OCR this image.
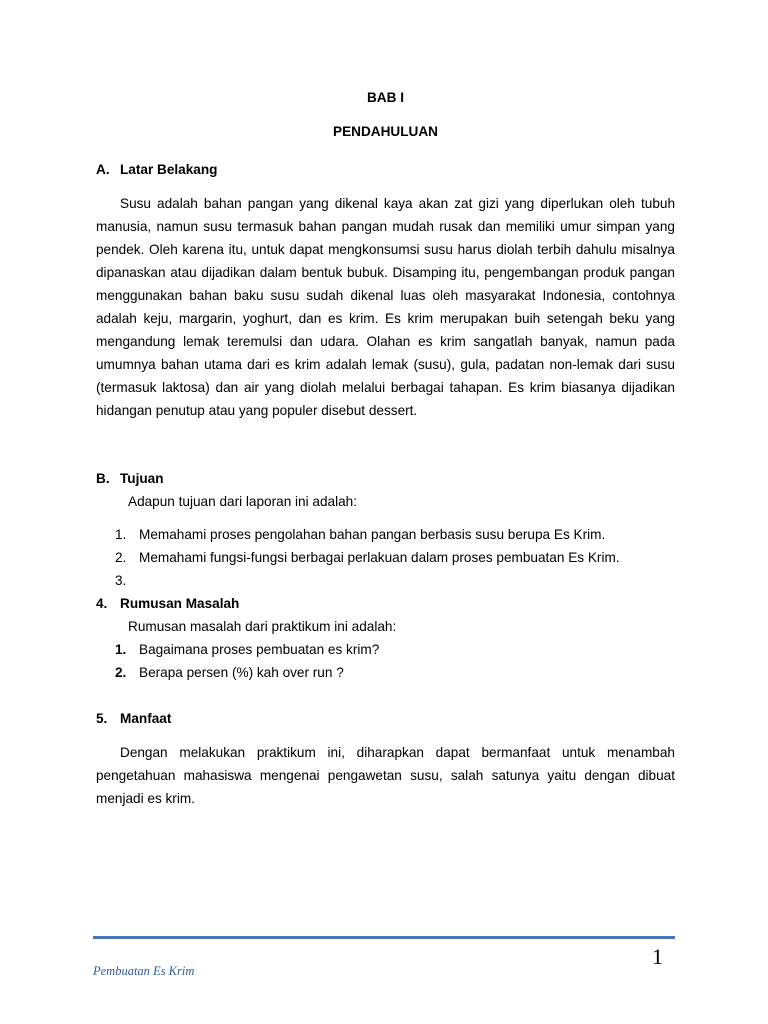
BAB I

PENDAHULUAN

A. Latar Belakang

Susu adalah bahan pangan yang dikenal kaya akan zat gizi yang diperlukan oleh tubuh manusia, namun susu termasuk bahan pangan mudah rusak dan memiliki umur simpan yang pendek. Oleh karena itu, untuk dapat mengkonsumsi susu harus diolah terbih dahulu misalnya dipanaskan atau dijadikan dalam bentuk bubuk. Disamping itu, pengembangan produk pangan menggunakan bahan baku susu sudah dikenal luas oleh masyarakat Indonesia, contohnya adalah keju, margarin, yoghurt, dan es krim. Es krim merupakan buih setengah beku yang mengandung lemak teremulsi dan udara. Olahan es krim sangatlah banyak, namun pada umumnya bahan utama dari es krim adalah lemak (susu), gula, padatan non-lemak dari susu (termasuk laktosa) dan air yang diolah melalui berbagai tahapan. Es krim biasanya dijadikan hidangan penutup atau yang populer disebut dessert.

B. Tujuan

Adapun tujuan dari laporan ini adalah:

1. Memahami proses pengolahan bahan pangan berbasis susu berupa Es Krim.
2. Memahami fungsi-fungsi berbagai perlakuan dalam proses pembuatan Es Krim.
3.

4. Rumusan Masalah

Rumusan masalah dari praktikum ini adalah:

1. Bagaimana proses pembuatan es krim?
2. Berapa persen (%) kah over run ?

5. Manfaat

Dengan melakukan praktikum ini, diharapkan dapat bermanfaat untuk menambah pengetahuan mahasiswa mengenai pengawetan susu, salah satunya yaitu dengan dibuat menjadi es krim.

1
Pembuatan Es Krim
